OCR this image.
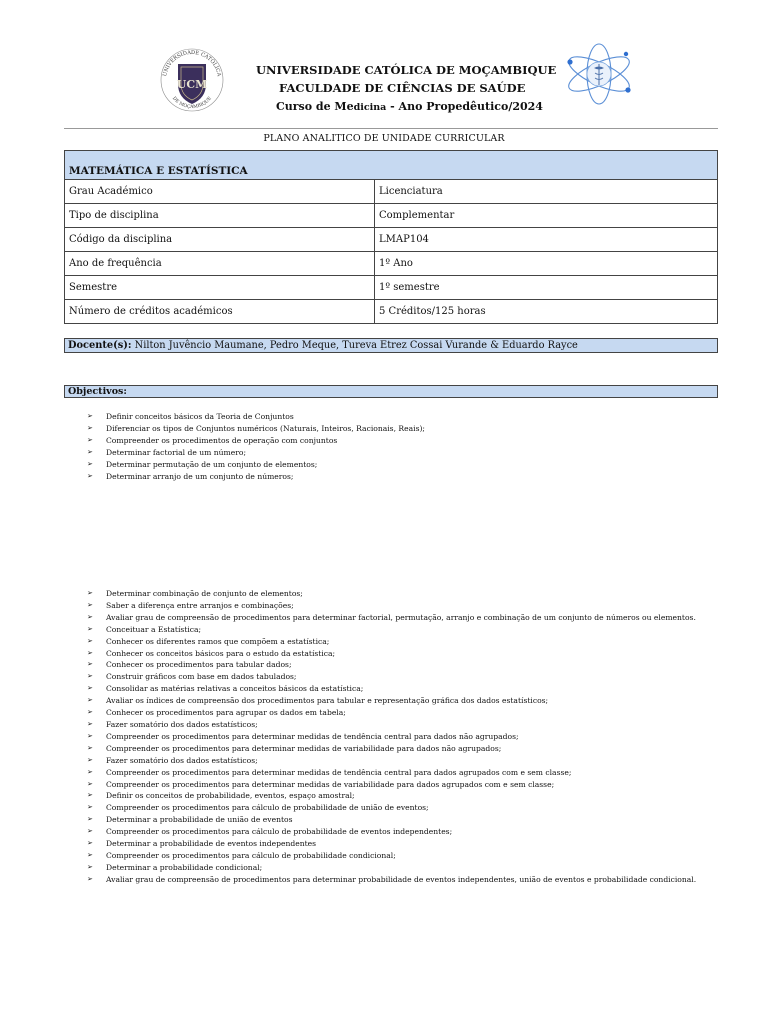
UNIVERSIDADE CATÓLICA
DE MOÇAMBIQUE
UCM
UNIVERSIDADE CATÓLICA DE MOÇAMBIQUE
FACULDADE DE CIÊNCIAS DE SAÚDE
Curso de Medicina - Ano Propedêutico/2024
PLANO ANALITICO DE UNIDADE CURRICULAR
MATEMÁTICA E ESTATÍSTICA	
Grau Académico	Licenciatura
Tipo de disciplina	Complementar
Código da disciplina	LMAP104
Ano de frequência	1º Ano
Semestre	1º semestre
Número de créditos académicos	5 Créditos/125 horas
Docente(s): Nilton Juvêncio Maumane, Pedro Meque, Tureva Etrez Cossai Vurande & Eduardo Rayce
Objectivos:
➢ Definir conceitos básicos da Teoria de Conjuntos
➢ Diferenciar os tipos de Conjuntos numéricos (Naturais, Inteiros, Racionais, Reais);
➢ Compreender os procedimentos de operação com conjuntos
➢ Determinar factorial de um número;
➢ Determinar permutação de um conjunto de elementos;
➢ Determinar arranjo de um conjunto de números;
➢ Determinar combinação de conjunto de elementos;
➢ Saber a diferença entre arranjos e combinações;
➢ Avaliar grau de compreensão de procedimentos para determinar factorial, permutação, arranjo e combinação de um conjunto de números ou elementos.
➢ Conceituar a Estatística;
➢ Conhecer os diferentes ramos que compõem a estatística;
➢ Conhecer os conceitos básicos para o estudo da estatística;
➢ Conhecer os procedimentos para tabular dados;
➢ Construir gráficos com base em dados tabulados;
➢ Consolidar as matérias relativas a conceitos básicos da estatística;
➢ Avaliar os índices de compreensão dos procedimentos para tabular e representação gráfica dos dados estatísticos;
➢ Conhecer os procedimentos para agrupar os dados em tabela;
➢ Fazer somatório dos dados estatísticos;
➢ Compreender os procedimentos para determinar medidas de tendência central para dados não agrupados;
➢ Compreender os procedimentos para determinar medidas de variabilidade para dados não agrupados;
➢ Fazer somatório dos dados estatísticos;
➢ Compreender os procedimentos para determinar medidas de tendência central para dados agrupados com e sem classe;
➢ Compreender os procedimentos para determinar medidas de variabilidade para dados agrupados com e sem classe;
➢ Definir os conceitos de probabilidade, eventos, espaço amostral;
➢ Compreender os procedimentos para cálculo de probabilidade de união de eventos;
➢ Determinar a probabilidade de união de eventos
➢ Compreender os procedimentos para cálculo de probabilidade de eventos independentes;
➢ Determinar a probabilidade de eventos independentes
➢ Compreender os procedimentos para cálculo de probabilidade condicional;
➢ Determinar a probabilidade condicional;
➢ Avaliar grau de compreensão de procedimentos para determinar probabilidade de eventos independentes, união de eventos e probabilidade condicional.
